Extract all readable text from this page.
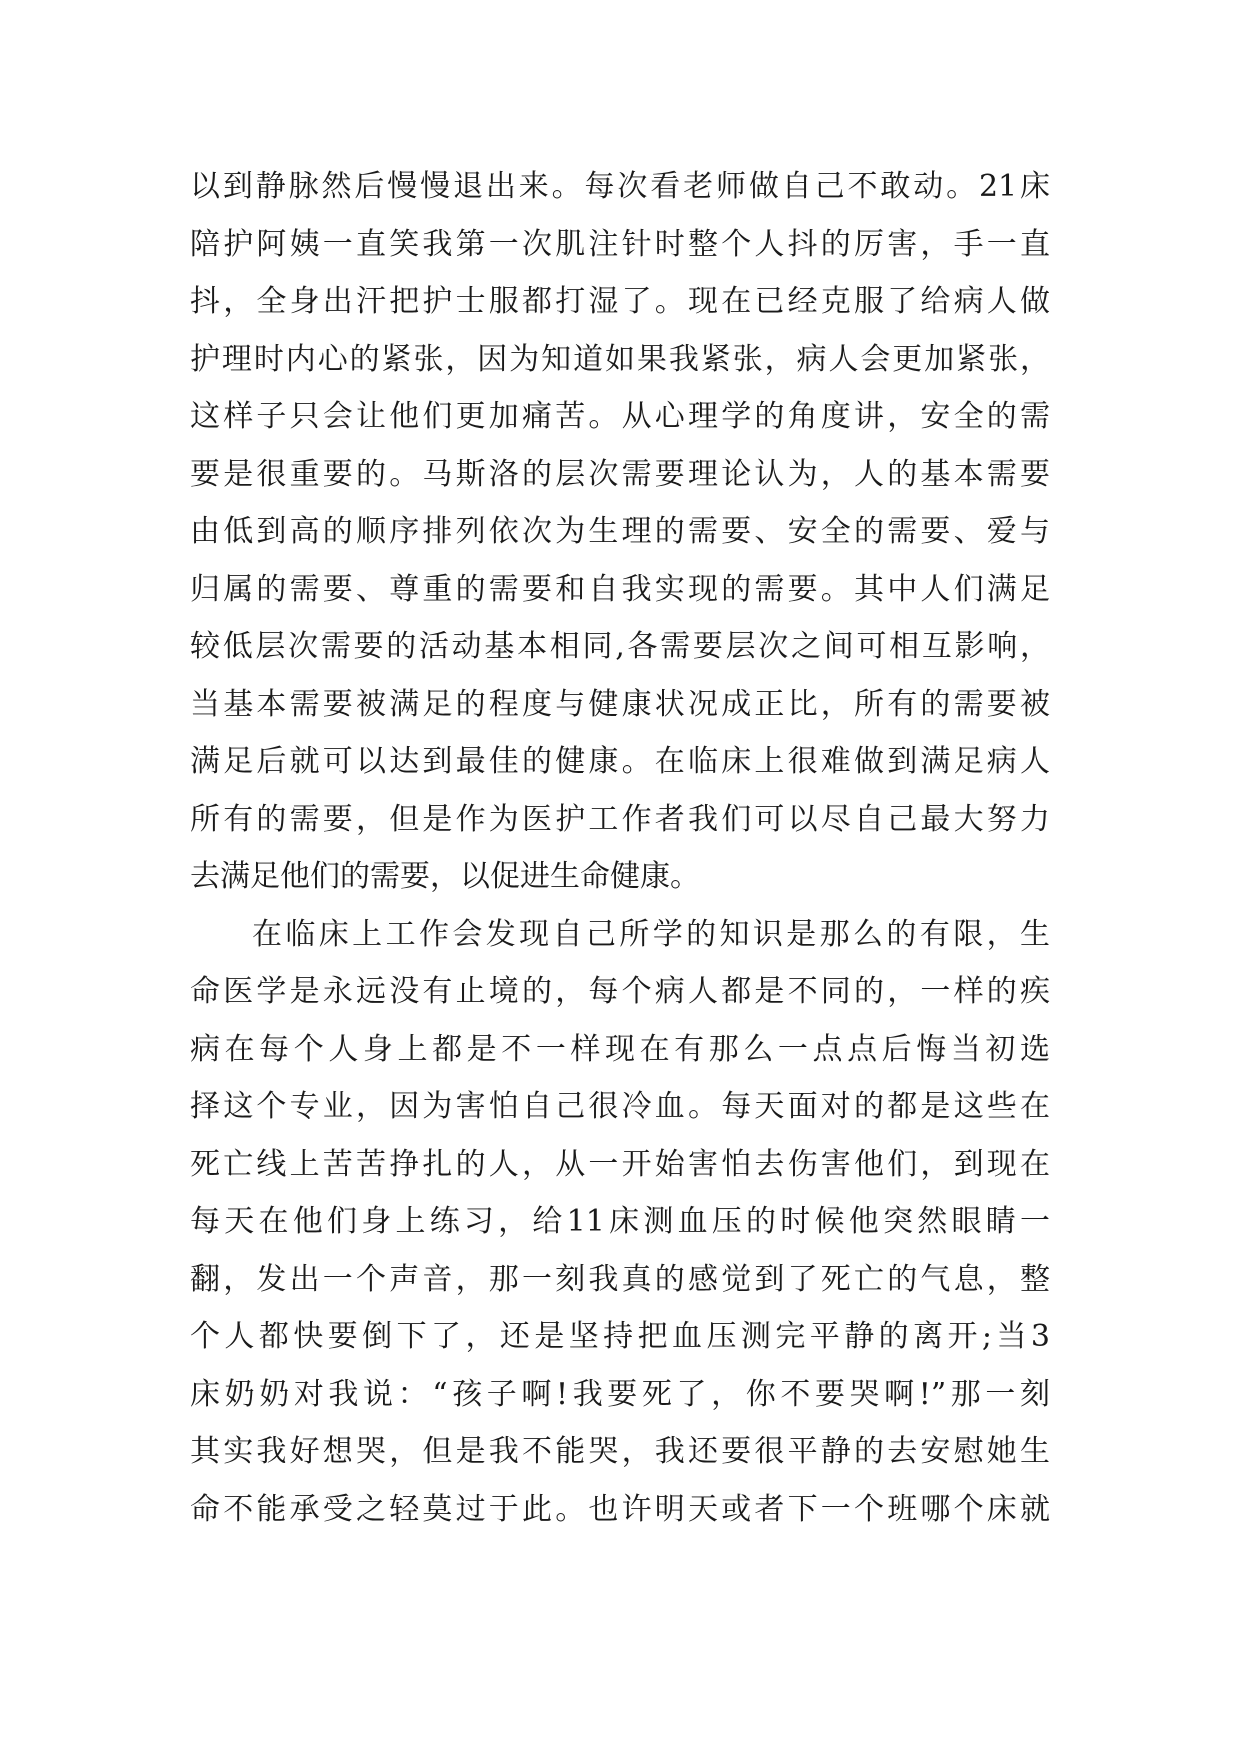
以到静脉然后慢慢退出来。每次看老师做自己不敢动。21床
陪护阿姨一直笑我第一次肌注针时整个人抖的厉害，手一直
抖，全身出汗把护士服都打湿了。现在已经克服了给病人做
护理时内心的紧张，因为知道如果我紧张，病人会更加紧张，
这样子只会让他们更加痛苦。从心理学的角度讲，安全的需
要是很重要的。马斯洛的层次需要理论认为，人的基本需要
由低到高的顺序排列依次为生理的需要、安全的需要、爱与
归属的需要、尊重的需要和自我实现的需要。其中人们满足
较低层次需要的活动基本相同,各需要层次之间可相互影响，
当基本需要被满足的程度与健康状况成正比，所有的需要被
满足后就可以达到最佳的健康。在临床上很难做到满足病人
所有的需要，但是作为医护工作者我们可以尽自己最大努力
去满足他们的需要，以促进生命健康。
在临床上工作会发现自己所学的知识是那么的有限，生
命医学是永远没有止境的，每个病人都是不同的，一样的疾
病在每个人身上都是不一样现在有那么一点点后悔当初选
择这个专业，因为害怕自己很冷血。每天面对的都是这些在
死亡线上苦苦挣扎的人，从一开始害怕去伤害他们，到现在
每天在他们身上练习，给11床测血压的时候他突然眼睛一
翻，发出一个声音，那一刻我真的感觉到了死亡的气息，整
个人都快要倒下了，还是坚持把血压测完平静的离开;当3
床奶奶对我说：“孩子啊!我要死了，你不要哭啊!”那一刻
其实我好想哭，但是我不能哭，我还要很平静的去安慰她生
命不能承受之轻莫过于此。也许明天或者下一个班哪个床就
